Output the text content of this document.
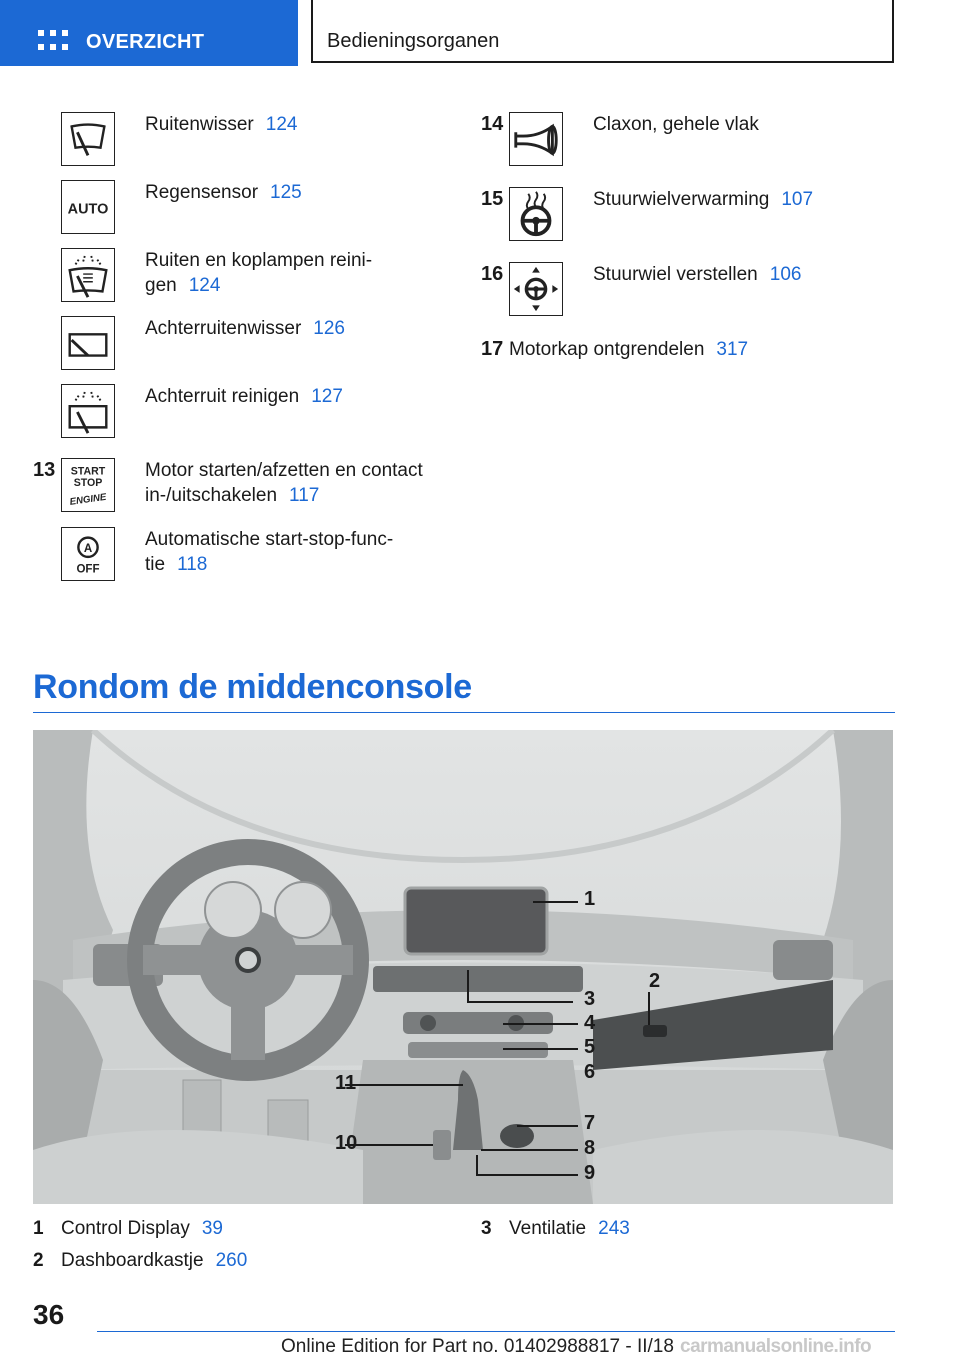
OVERZICHT	Bedieningsorganen
Ruitenwisser 124
AUTO
Regensensor 125
Ruiten en koplampen reini-
gen 124
Achterruitenwisser 126
Achterruit reinigen 127
13 START
STOP
ENGINE
Motor starten/afzetten en contact
in-/uitschakelen 117
A
OFF
Automatische start-stop-func-
tie 118
14	Claxon, gehele vlak
15	Stuurwielverwarming 107
16	Stuurwiel verstellen 106
17 Motorkap ontgrendelen 317
Rondom de middenconsole
1
2
3
4
5
6
7
8
9
10
11
1 Control Display 39
2 Dashboardkastje 260
3 Ventilatie 243
36
Online Edition for Part no. 01402988817 - II/18 carmanualsonline.info
